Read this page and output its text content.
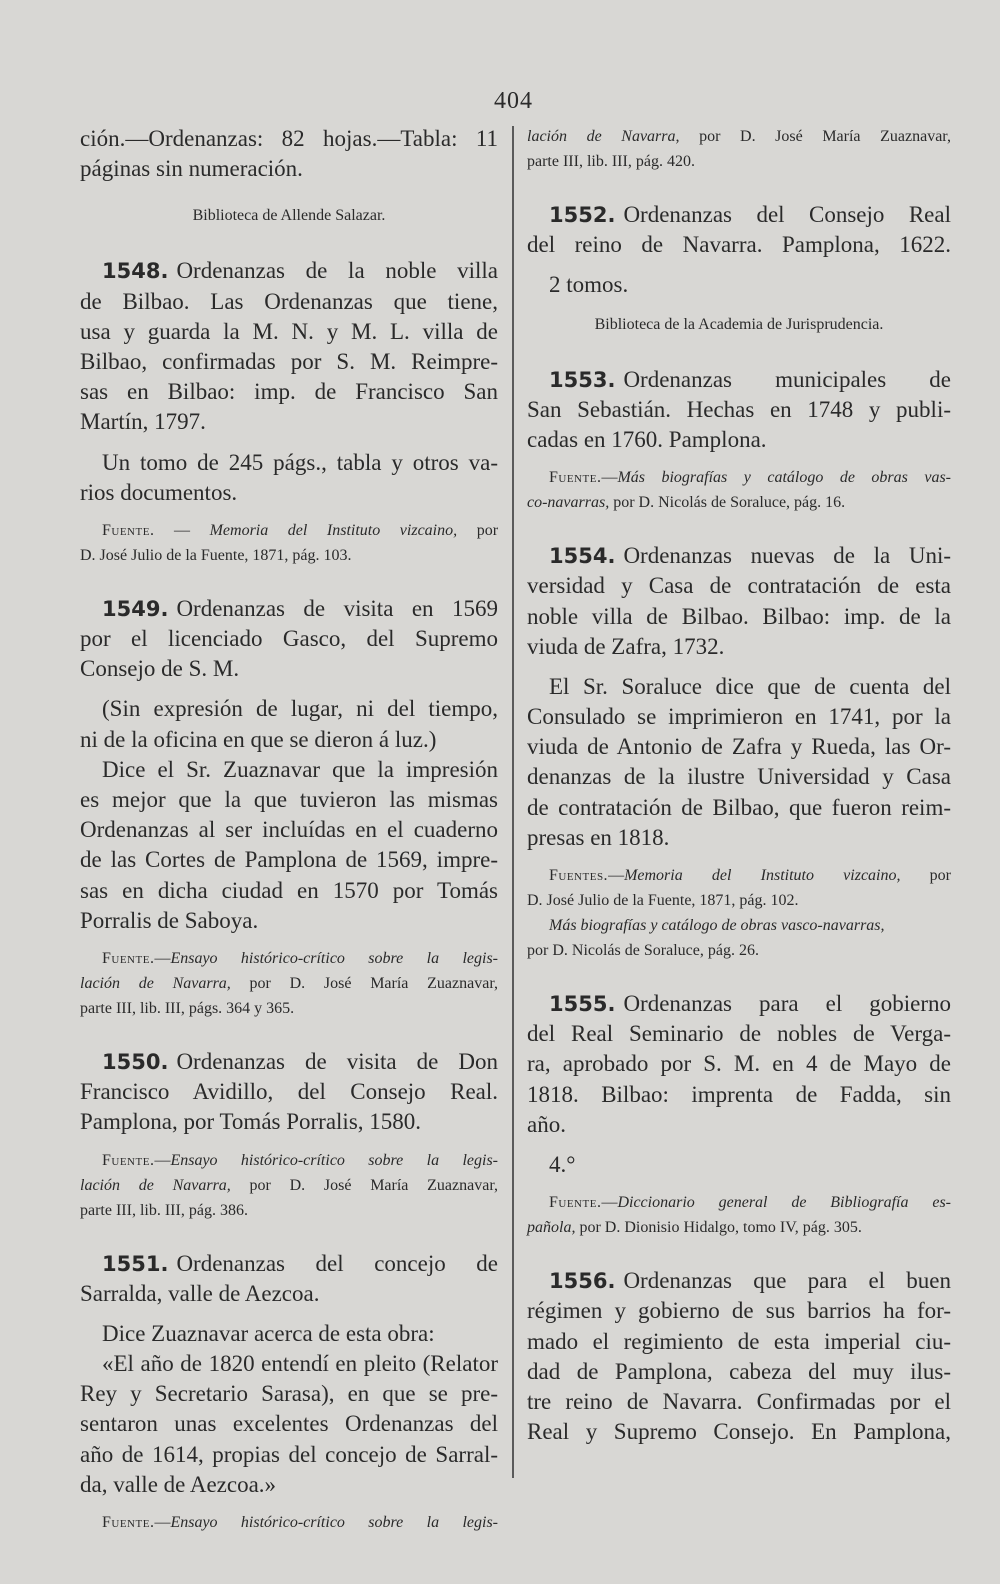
404
ción.—Ordenanzas: 82 hojas.—Tabla: 11
páginas sin numeración.
Biblioteca de Allende Salazar.
1548. Ordenanzas de la noble villa
de Bilbao. Las Ordenanzas que tiene,
usa y guarda la M. N. y M. L. villa de
Bilbao, confirmadas por S. M. Reimpre-
sas en Bilbao: imp. de Francisco San
Martín, 1797.
Un tomo de 245 págs., tabla y otros va-
rios documentos.
Fuente. — Memoria del Instituto vizcaino, por
D. José Julio de la Fuente, 1871, pág. 103.
1549. Ordenanzas de visita en 1569
por el licenciado Gasco, del Supremo
Consejo de S. M.
(Sin expresión de lugar, ni del tiempo,
ni de la oficina en que se dieron á luz.)
Dice el Sr. Zuaznavar que la impresión
es mejor que la que tuvieron las mismas
Ordenanzas al ser incluídas en el cuaderno
de las Cortes de Pamplona de 1569, impre-
sas en dicha ciudad en 1570 por Tomás
Porralis de Saboya.
Fuente.—Ensayo histórico-crítico sobre la legis-
lación de Navarra, por D. José María Zuaznavar,
parte III, lib. III, págs. 364 y 365.
1550. Ordenanzas de visita de Don
Francisco Avidillo, del Consejo Real.
Pamplona, por Tomás Porralis, 1580.
Fuente.—Ensayo histórico-crítico sobre la legis-
lación de Navarra, por D. José María Zuaznavar,
parte III, lib. III, pág. 386.
1551. Ordenanzas del concejo de
Sarralda, valle de Aezcoa.
Dice Zuaznavar acerca de esta obra:
«El año de 1820 entendí en pleito (Relator
Rey y Secretario Sarasa), en que se pre-
sentaron unas excelentes Ordenanzas del
año de 1614, propias del concejo de Sarral-
da, valle de Aezcoa.»
Fuente.—Ensayo histórico-crítico sobre la legis-
lación de Navarra, por D. José María Zuaznavar,
parte III, lib. III, pág. 420.
1552. Ordenanzas del Consejo Real
del reino de Navarra. Pamplona, 1622.
2 tomos.
Biblioteca de la Academia de Jurisprudencia.
1553. Ordenanzas municipales de
San Sebastián. Hechas en 1748 y publi-
cadas en 1760. Pamplona.
Fuente.—Más biografías y catálogo de obras vas-
co-navarras, por D. Nicolás de Soraluce, pág. 16.
1554. Ordenanzas nuevas de la Uni-
versidad y Casa de contratación de esta
noble villa de Bilbao. Bilbao: imp. de la
viuda de Zafra, 1732.
El Sr. Soraluce dice que de cuenta del
Consulado se imprimieron en 1741, por la
viuda de Antonio de Zafra y Rueda, las Or-
denanzas de la ilustre Universidad y Casa
de contratación de Bilbao, que fueron reim-
presas en 1818.
Fuentes.—Memoria del Instituto vizcaino, por
D. José Julio de la Fuente, 1871, pág. 102.
Más biografías y catálogo de obras vasco-navarras,
por D. Nicolás de Soraluce, pág. 26.
1555. Ordenanzas para el gobierno
del Real Seminario de nobles de Verga-
ra, aprobado por S. M. en 4 de Mayo de
1818. Bilbao: imprenta de Fadda, sin
año.
4.°
Fuente.—Diccionario general de Bibliografía es-
pañola, por D. Dionisio Hidalgo, tomo IV, pág. 305.
1556. Ordenanzas que para el buen
régimen y gobierno de sus barrios ha for-
mado el regimiento de esta imperial ciu-
dad de Pamplona, cabeza del muy ilus-
tre reino de Navarra. Confirmadas por el
Real y Supremo Consejo. En Pamplona,
